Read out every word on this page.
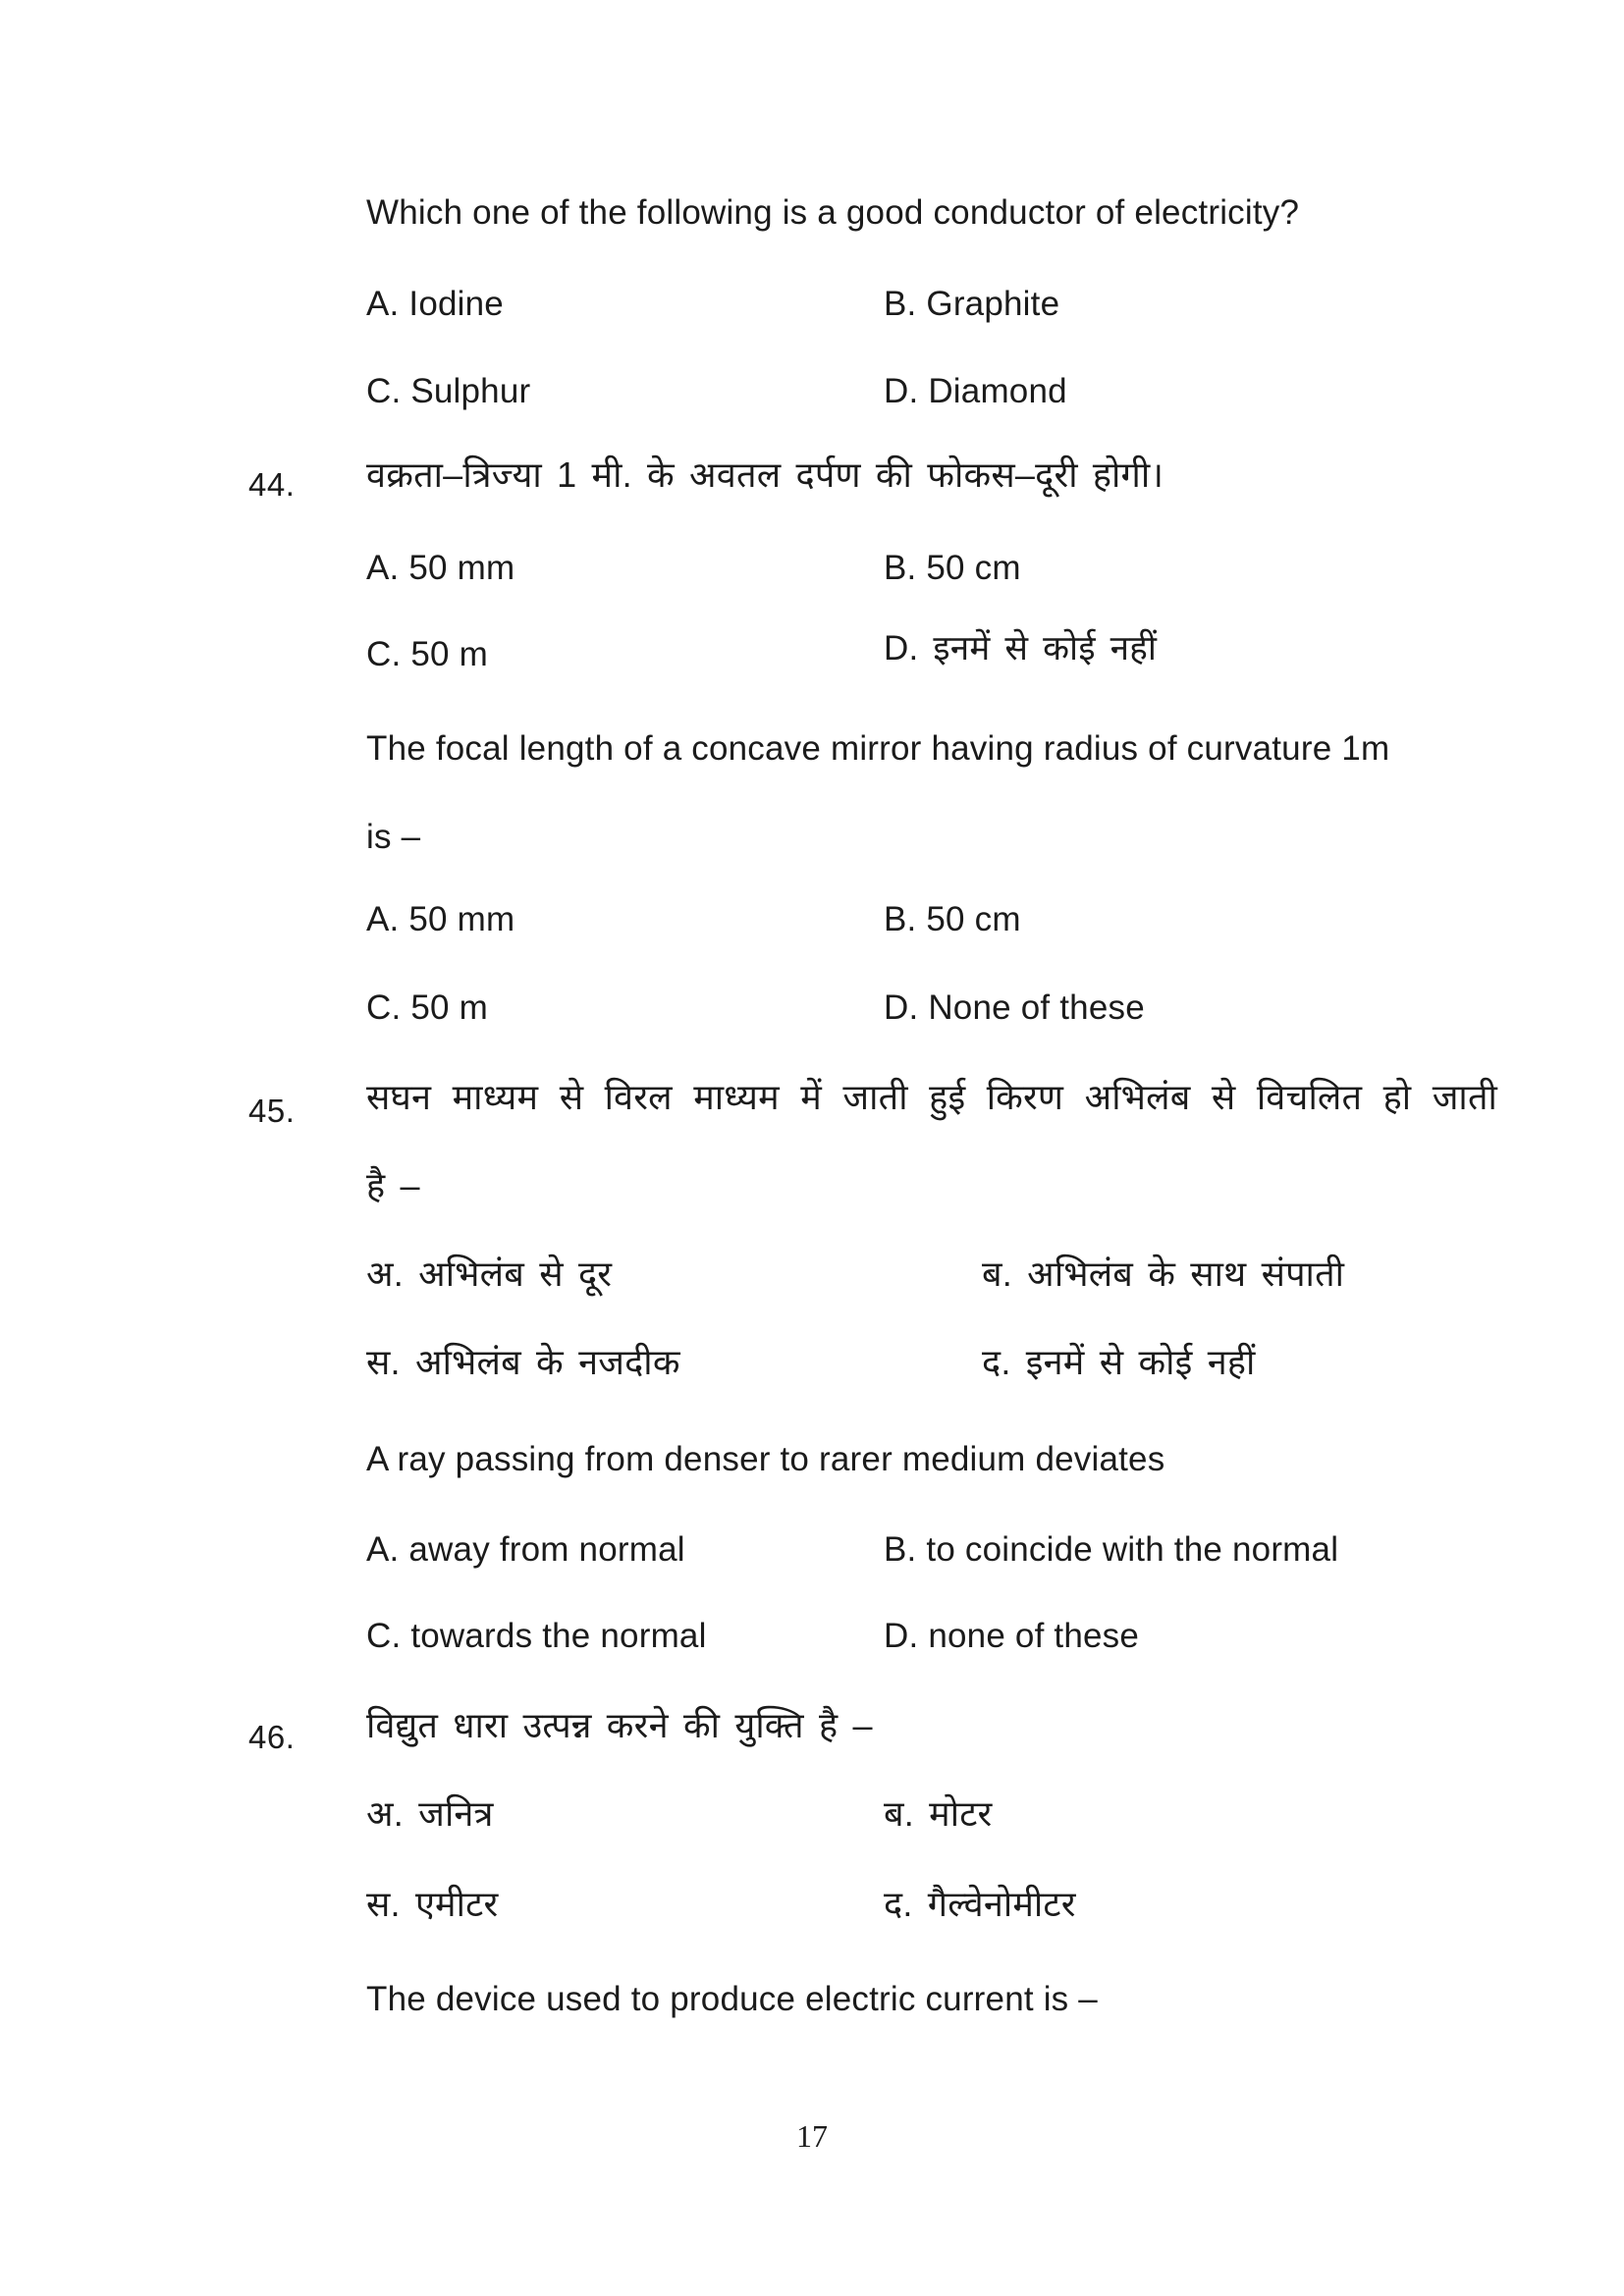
Which one of the following is a good conductor of electricity?
A. Iodine	B. Graphite
C. Sulphur	D. Diamond
44. वक्रता–त्रिज्या 1 मी. के अवतल दर्पण की फोकस–दूरी होगी।
A. 50 mm	B. 50 cm
C. 50 m	D. इनमें से कोई नहीं
The focal length of a concave mirror having radius of curvature 1m
is –
A. 50 mm	B. 50 cm
C. 50 m	D. None of these
45. सघन माध्यम से विरल माध्यम में जाती हुई किरण अभिलंब से विचलित हो जाती
है –
अ. अभिलंब से दूर	ब. अभिलंब के साथ संपाती
स. अभिलंब के नजदीक	द. इनमें से कोई नहीं
A ray passing from denser to rarer medium deviates
A. away from normal	B. to coincide with the normal
C. towards the normal	D. none of these
46. विद्युत धारा उत्पन्न करने की युक्ति है –
अ. जनित्र	ब. मोटर
स. एमीटर	द. गैल्वेनोमीटर
The device used to produce electric current is –
17
